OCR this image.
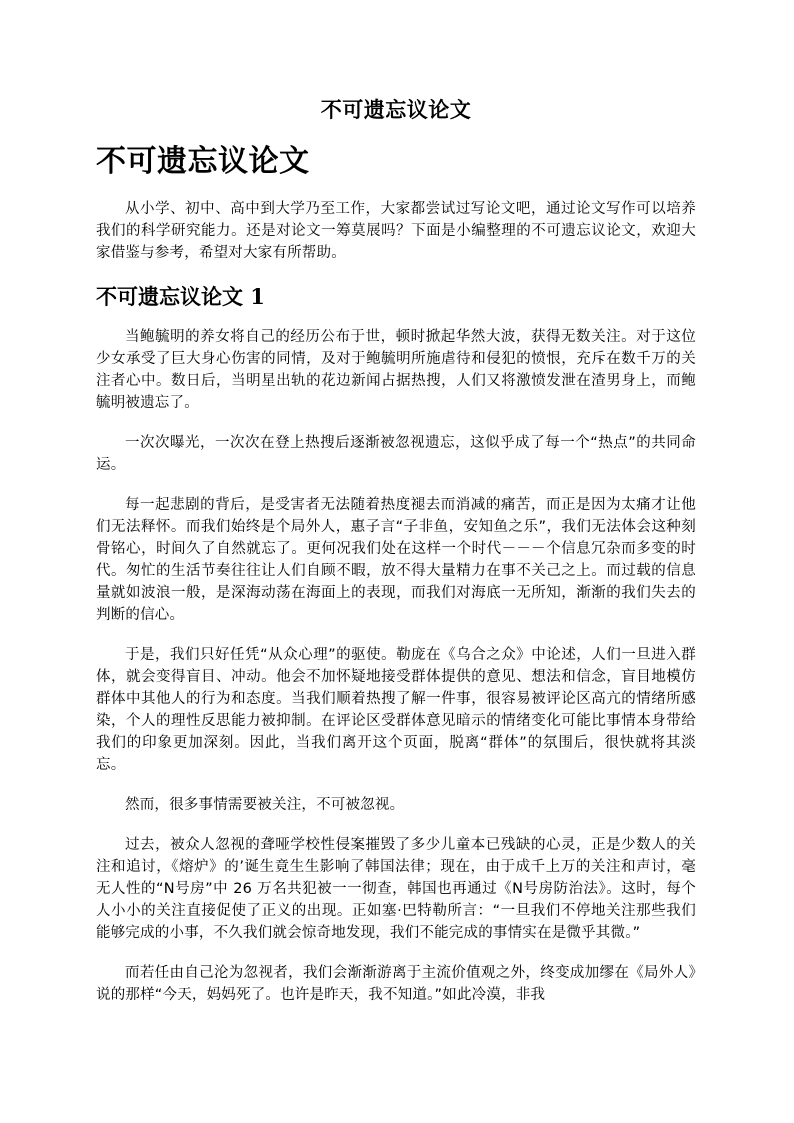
不可遗忘议论文
不可遗忘议论文

从小学、初中、高中到大学乃至工作，大家都尝试过写论文吧，通过论文写作可以培养我们的科学研究能力。还是对论文一筹莫展吗？下面是小编整理的不可遗忘议论文，欢迎大家借鉴与参考，希望对大家有所帮助。

不可遗忘议论文 1

当鲍毓明的养女将自己的经历公布于世，顿时掀起华然大波，获得无数关注。对于这位少女承受了巨大身心伤害的同情，及对于鲍毓明所施虐待和侵犯的愤恨，充斥在数千万的关注者心中。数日后，当明星出轨的花边新闻占据热搜，人们又将激愤发泄在渣男身上，而鲍毓明被遗忘了。

一次次曝光，一次次在登上热搜后逐渐被忽视遗忘，这似乎成了每一个“热点”的共同命运。

每一起悲剧的背后，是受害者无法随着热度褪去而消减的痛苦，而正是因为太痛才让他们无法释怀。而我们始终是个局外人，惠子言“子非鱼，安知鱼之乐”，我们无法体会这种刻骨铭心，时间久了自然就忘了。更何况我们处在这样一个时代－－－个信息冗杂而多变的时代。匆忙的生活节奏往往让人们自顾不暇，放不得大量精力在事不关己之上。而过载的信息量就如波浪一般，是深海动荡在海面上的表现，而我们对海底一无所知，渐渐的我们失去的判断的信心。

于是，我们只好任凭“从众心理”的驱使。勒庞在《乌合之众》中论述，人们一旦进入群体，就会变得盲目、冲动。他会不加怀疑地接受群体提供的意见、想法和信念，盲目地模仿群体中其他人的行为和态度。当我们顺着热搜了解一件事，很容易被评论区高亢的情绪所感染，个人的理性反思能力被抑制。在评论区受群体意见暗示的情绪变化可能比事情本身带给我们的印象更加深刻。因此，当我们离开这个页面，脱离“群体”的氛围后，很快就将其淡忘。

然而，很多事情需要被关注，不可被忽视。

过去，被众人忽视的聋哑学校性侵案摧毁了多少儿童本已残缺的心灵，正是少数人的关注和追讨，《熔炉》的’诞生竟生生影响了韩国法律；现在，由于成千上万的关注和声讨，毫无人性的“N号房”中 26 万名共犯被一一彻查，韩国也再通过《N号房防治法》。这时，每个人小小的关注直接促使了正义的出现。正如塞·巴特勒所言：“一旦我们不停地关注那些我们能够完成的小事，不久我们就会惊奇地发现，我们不能完成的事情实在是微乎其微。”

而若任由自己沦为忽视者，我们会渐渐游离于主流价值观之外，终变成加缪在《局外人》说的那样“今天，妈妈死了。也许是昨天，我不知道。”如此冷漠，非我
